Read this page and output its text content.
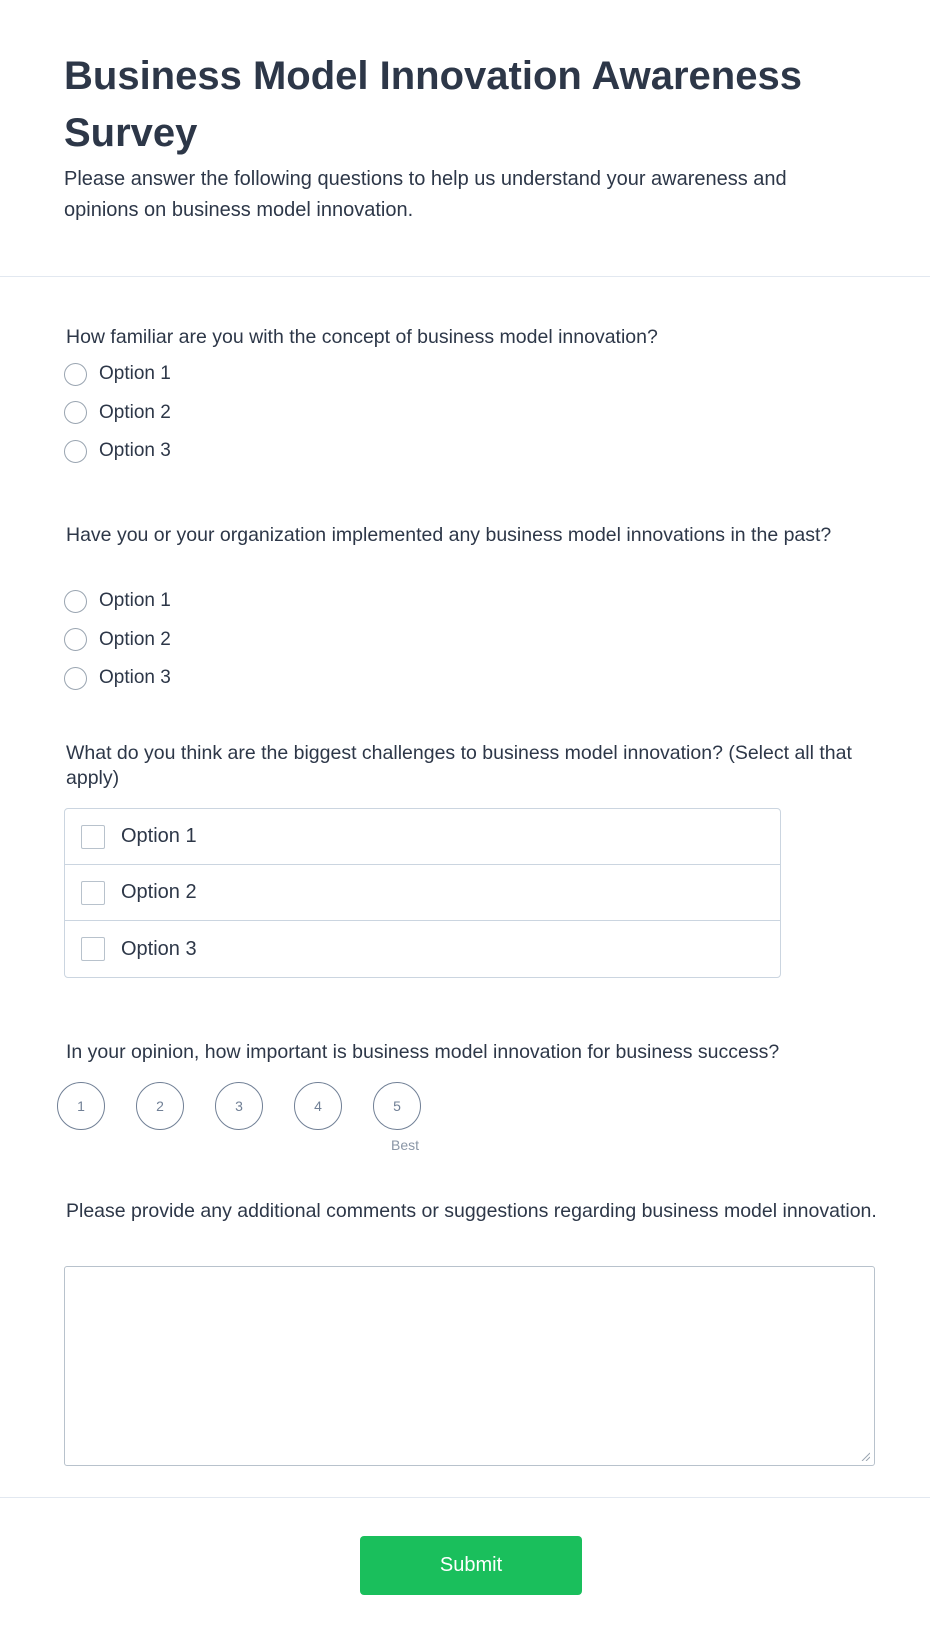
Business Model Innovation Awareness Survey

Please answer the following questions to help us understand your awareness and opinions on business model innovation.

How familiar are you with the concept of business model innovation?

Option 1
Option 2
Option 3

Have you or your organization implemented any business model innovations in the past?

Option 1
Option 2
Option 3

What do you think are the biggest challenges to business model innovation? (Select all that apply)

Option 1
Option 2
Option 3

In your opinion, how important is business model innovation for business success?

1	2	3	4	5
Best

Please provide any additional comments or suggestions regarding business model innovation.

Submit
